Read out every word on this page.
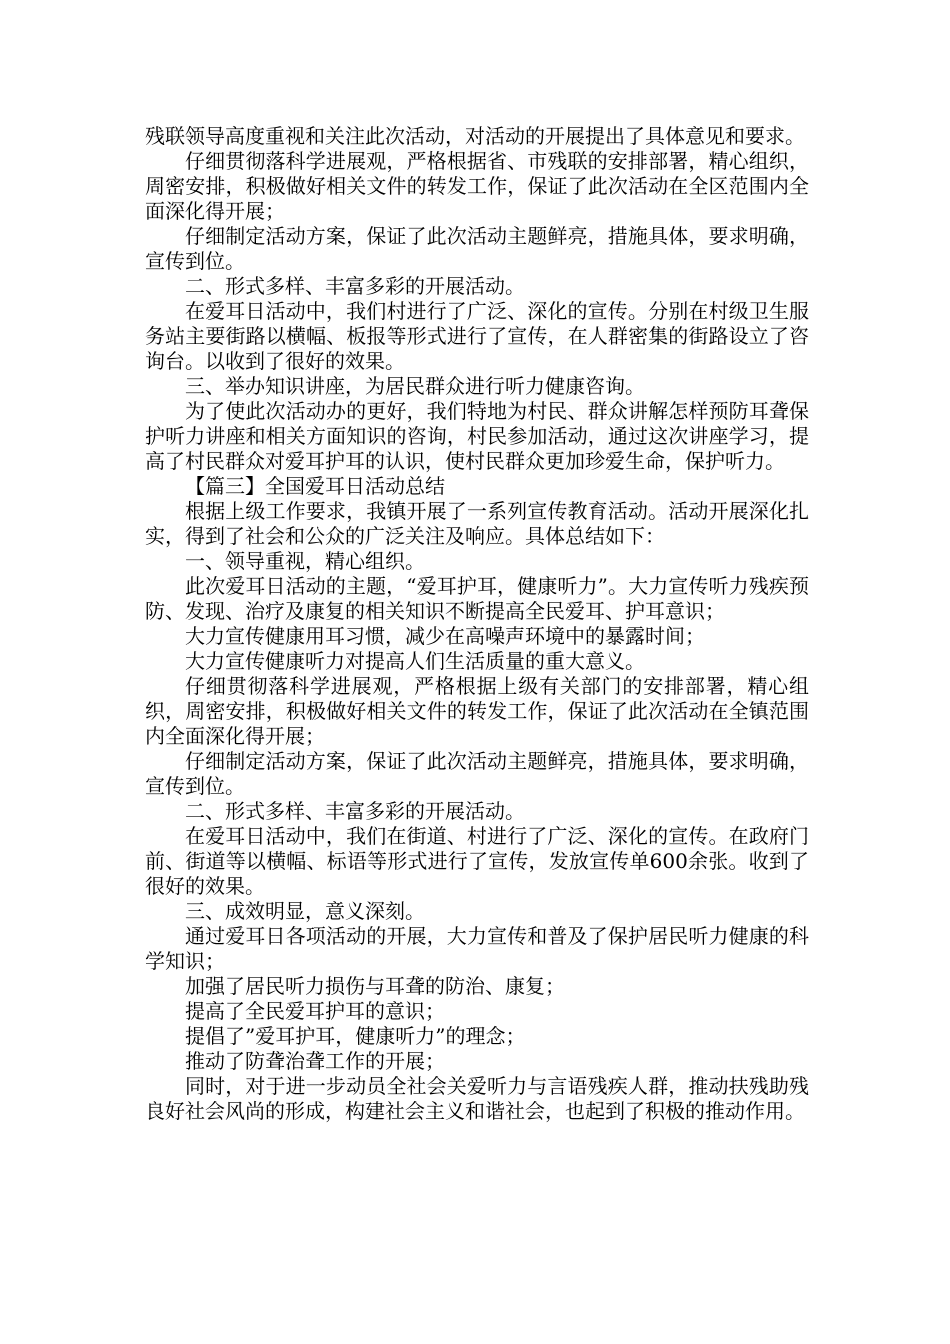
残联领导高度重视和关注此次活动，对活动的开展提出了具体意见和要求。

仔细贯彻落科学进展观，严格根据省、市残联的安排部署，精心组织，周密安排，积极做好相关文件的转发工作，保证了此次活动在全区范围内全面深化得开展；

仔细制定活动方案，保证了此次活动主题鲜亮，措施具体，要求明确，宣传到位。

二、形式多样、丰富多彩的开展活动。

在爱耳日活动中，我们村进行了广泛、深化的宣传。分别在村级卫生服务站主要街路以横幅、板报等形式进行了宣传，在人群密集的街路设立了咨询台。以收到了很好的效果。

三、举办知识讲座，为居民群众进行听力健康咨询。

为了使此次活动办的更好，我们特地为村民、群众讲解怎样预防耳聋保护听力讲座和相关方面知识的咨询，村民参加活动，通过这次讲座学习，提高了村民群众对爱耳护耳的认识，使村民群众更加珍爱生命，保护听力。

【篇三】全国爱耳日活动总结

根据上级工作要求，我镇开展了一系列宣传教育活动。活动开展深化扎实，得到了社会和公众的广泛关注及响应。具体总结如下：

一、领导重视，精心组织。

此次爱耳日活动的主题，“爱耳护耳，健康听力”。大力宣传听力残疾预防、发现、治疗及康复的相关知识不断提高全民爱耳、护耳意识；

大力宣传健康用耳习惯，减少在高噪声环境中的暴露时间；

大力宣传健康听力对提高人们生活质量的重大意义。

仔细贯彻落科学进展观，严格根据上级有关部门的安排部署，精心组织，周密安排，积极做好相关文件的转发工作，保证了此次活动在全镇范围内全面深化得开展；

仔细制定活动方案，保证了此次活动主题鲜亮，措施具体，要求明确，宣传到位。

二、形式多样、丰富多彩的开展活动。

在爱耳日活动中，我们在街道、村进行了广泛、深化的宣传。在政府门前、街道等以横幅、标语等形式进行了宣传，发放宣传单600余张。收到了很好的效果。

三、成效明显，意义深刻。

通过爱耳日各项活动的开展，大力宣传和普及了保护居民听力健康的科学知识；

加强了居民听力损伤与耳聋的防治、康复；

提高了全民爱耳护耳的意识；

提倡了”爱耳护耳，健康听力”的理念；

推动了防聋治聋工作的开展；

同时，对于进一步动员全社会关爱听力与言语残疾人群，推动扶残助残良好社会风尚的形成，构建社会主义和谐社会，也起到了积极的推动作用。
